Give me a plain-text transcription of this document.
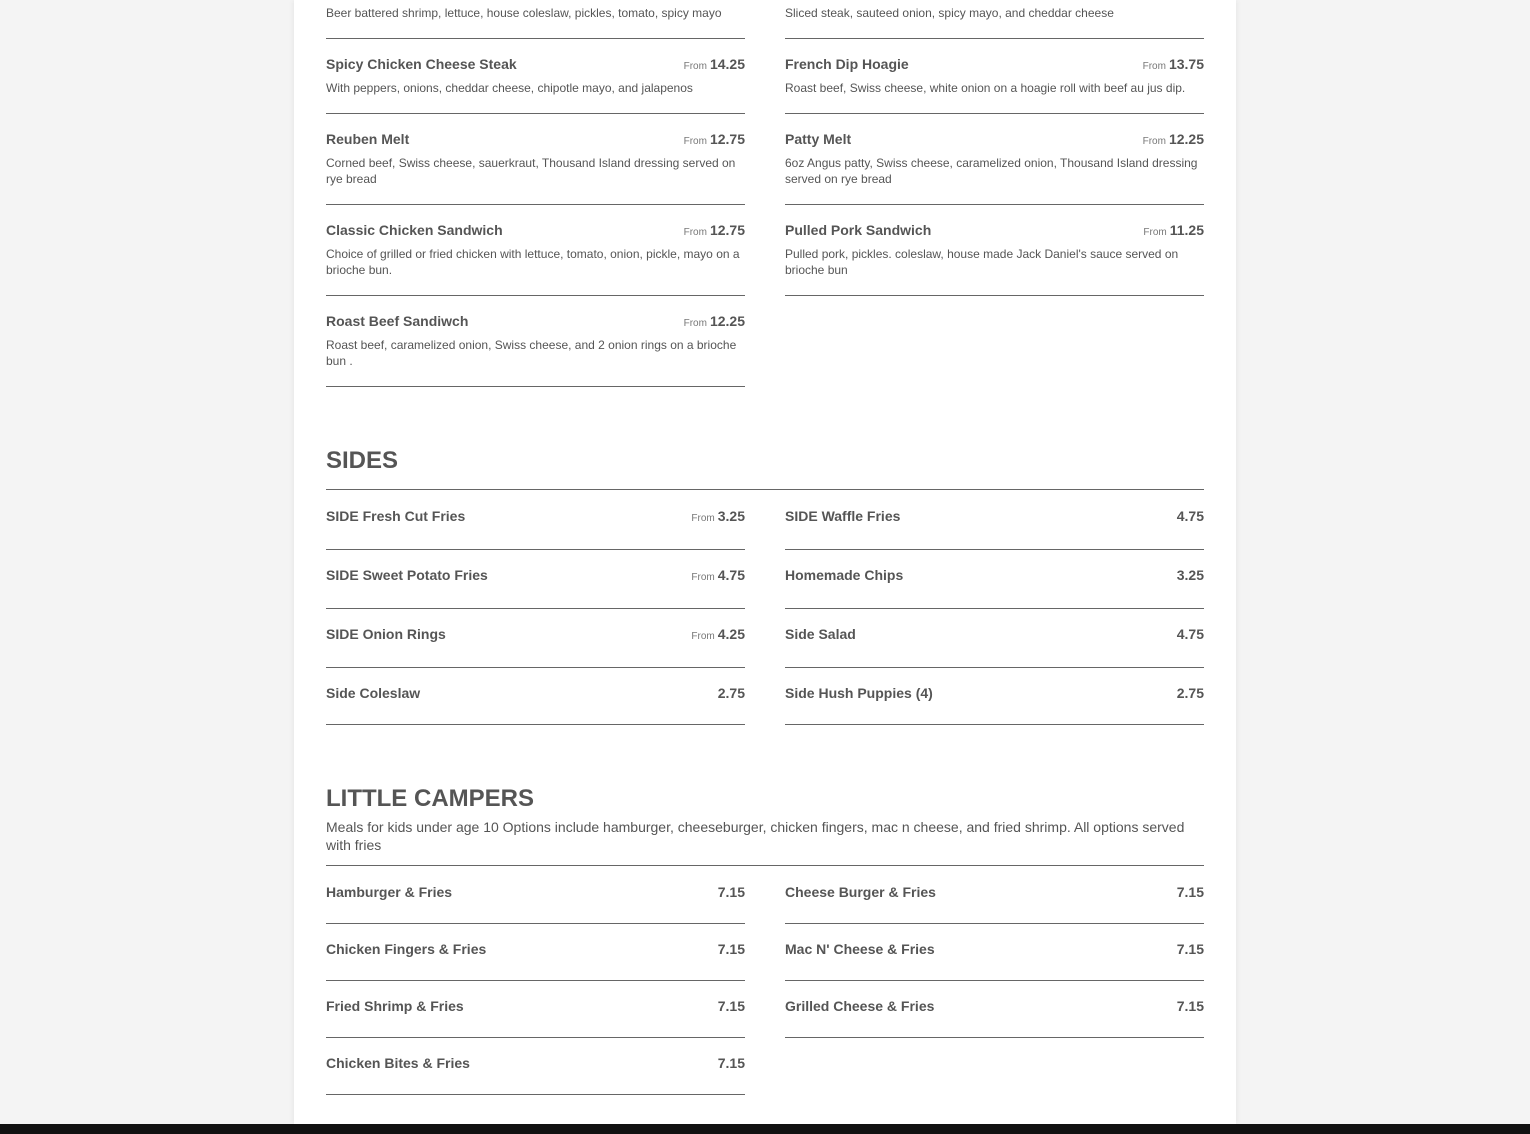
Beer battered shrimp, lettuce, house coleslaw, pickles, tomato, spicy mayo	Sliced steak, sauteed onion, spicy mayo, and cheddar cheese
Spicy Chicken Cheese Steak	From 14.25
With peppers, onions, cheddar cheese, chipotle mayo, and jalapenos
French Dip Hoagie	From 13.75
Roast beef, Swiss cheese, white onion on a hoagie roll with beef au jus dip.
Reuben Melt	From 12.75
Corned beef, Swiss cheese, sauerkraut, Thousand Island dressing served on rye bread
Patty Melt	From 12.25
6oz Angus patty, Swiss cheese, caramelized onion, Thousand Island dressing served on rye bread
Classic Chicken Sandwich	From 12.75
Choice of grilled or fried chicken with lettuce, tomato, onion, pickle, mayo on a brioche bun.
Pulled Pork Sandwich	From 11.25
Pulled pork, pickles. coleslaw, house made Jack Daniel's sauce served on brioche bun
Roast Beef Sandiwch	From 12.25
Roast beef, caramelized onion, Swiss cheese, and 2 onion rings on a brioche bun .
SIDES
SIDE Fresh Cut Fries	From 3.25	SIDE Waffle Fries	4.75
SIDE Sweet Potato Fries	From 4.75	Homemade Chips	3.25
SIDE Onion Rings	From 4.25	Side Salad	4.75
Side Coleslaw	2.75	Side Hush Puppies (4)	2.75
LITTLE CAMPERS
Meals for kids under age 10 Options include hamburger, cheeseburger, chicken fingers, mac n cheese, and fried shrimp. All options served with fries
Hamburger & Fries	7.15	Cheese Burger & Fries	7.15
Chicken Fingers & Fries	7.15	Mac N' Cheese & Fries	7.15
Fried Shrimp & Fries	7.15	Grilled Cheese & Fries	7.15
Chicken Bites & Fries	7.15
